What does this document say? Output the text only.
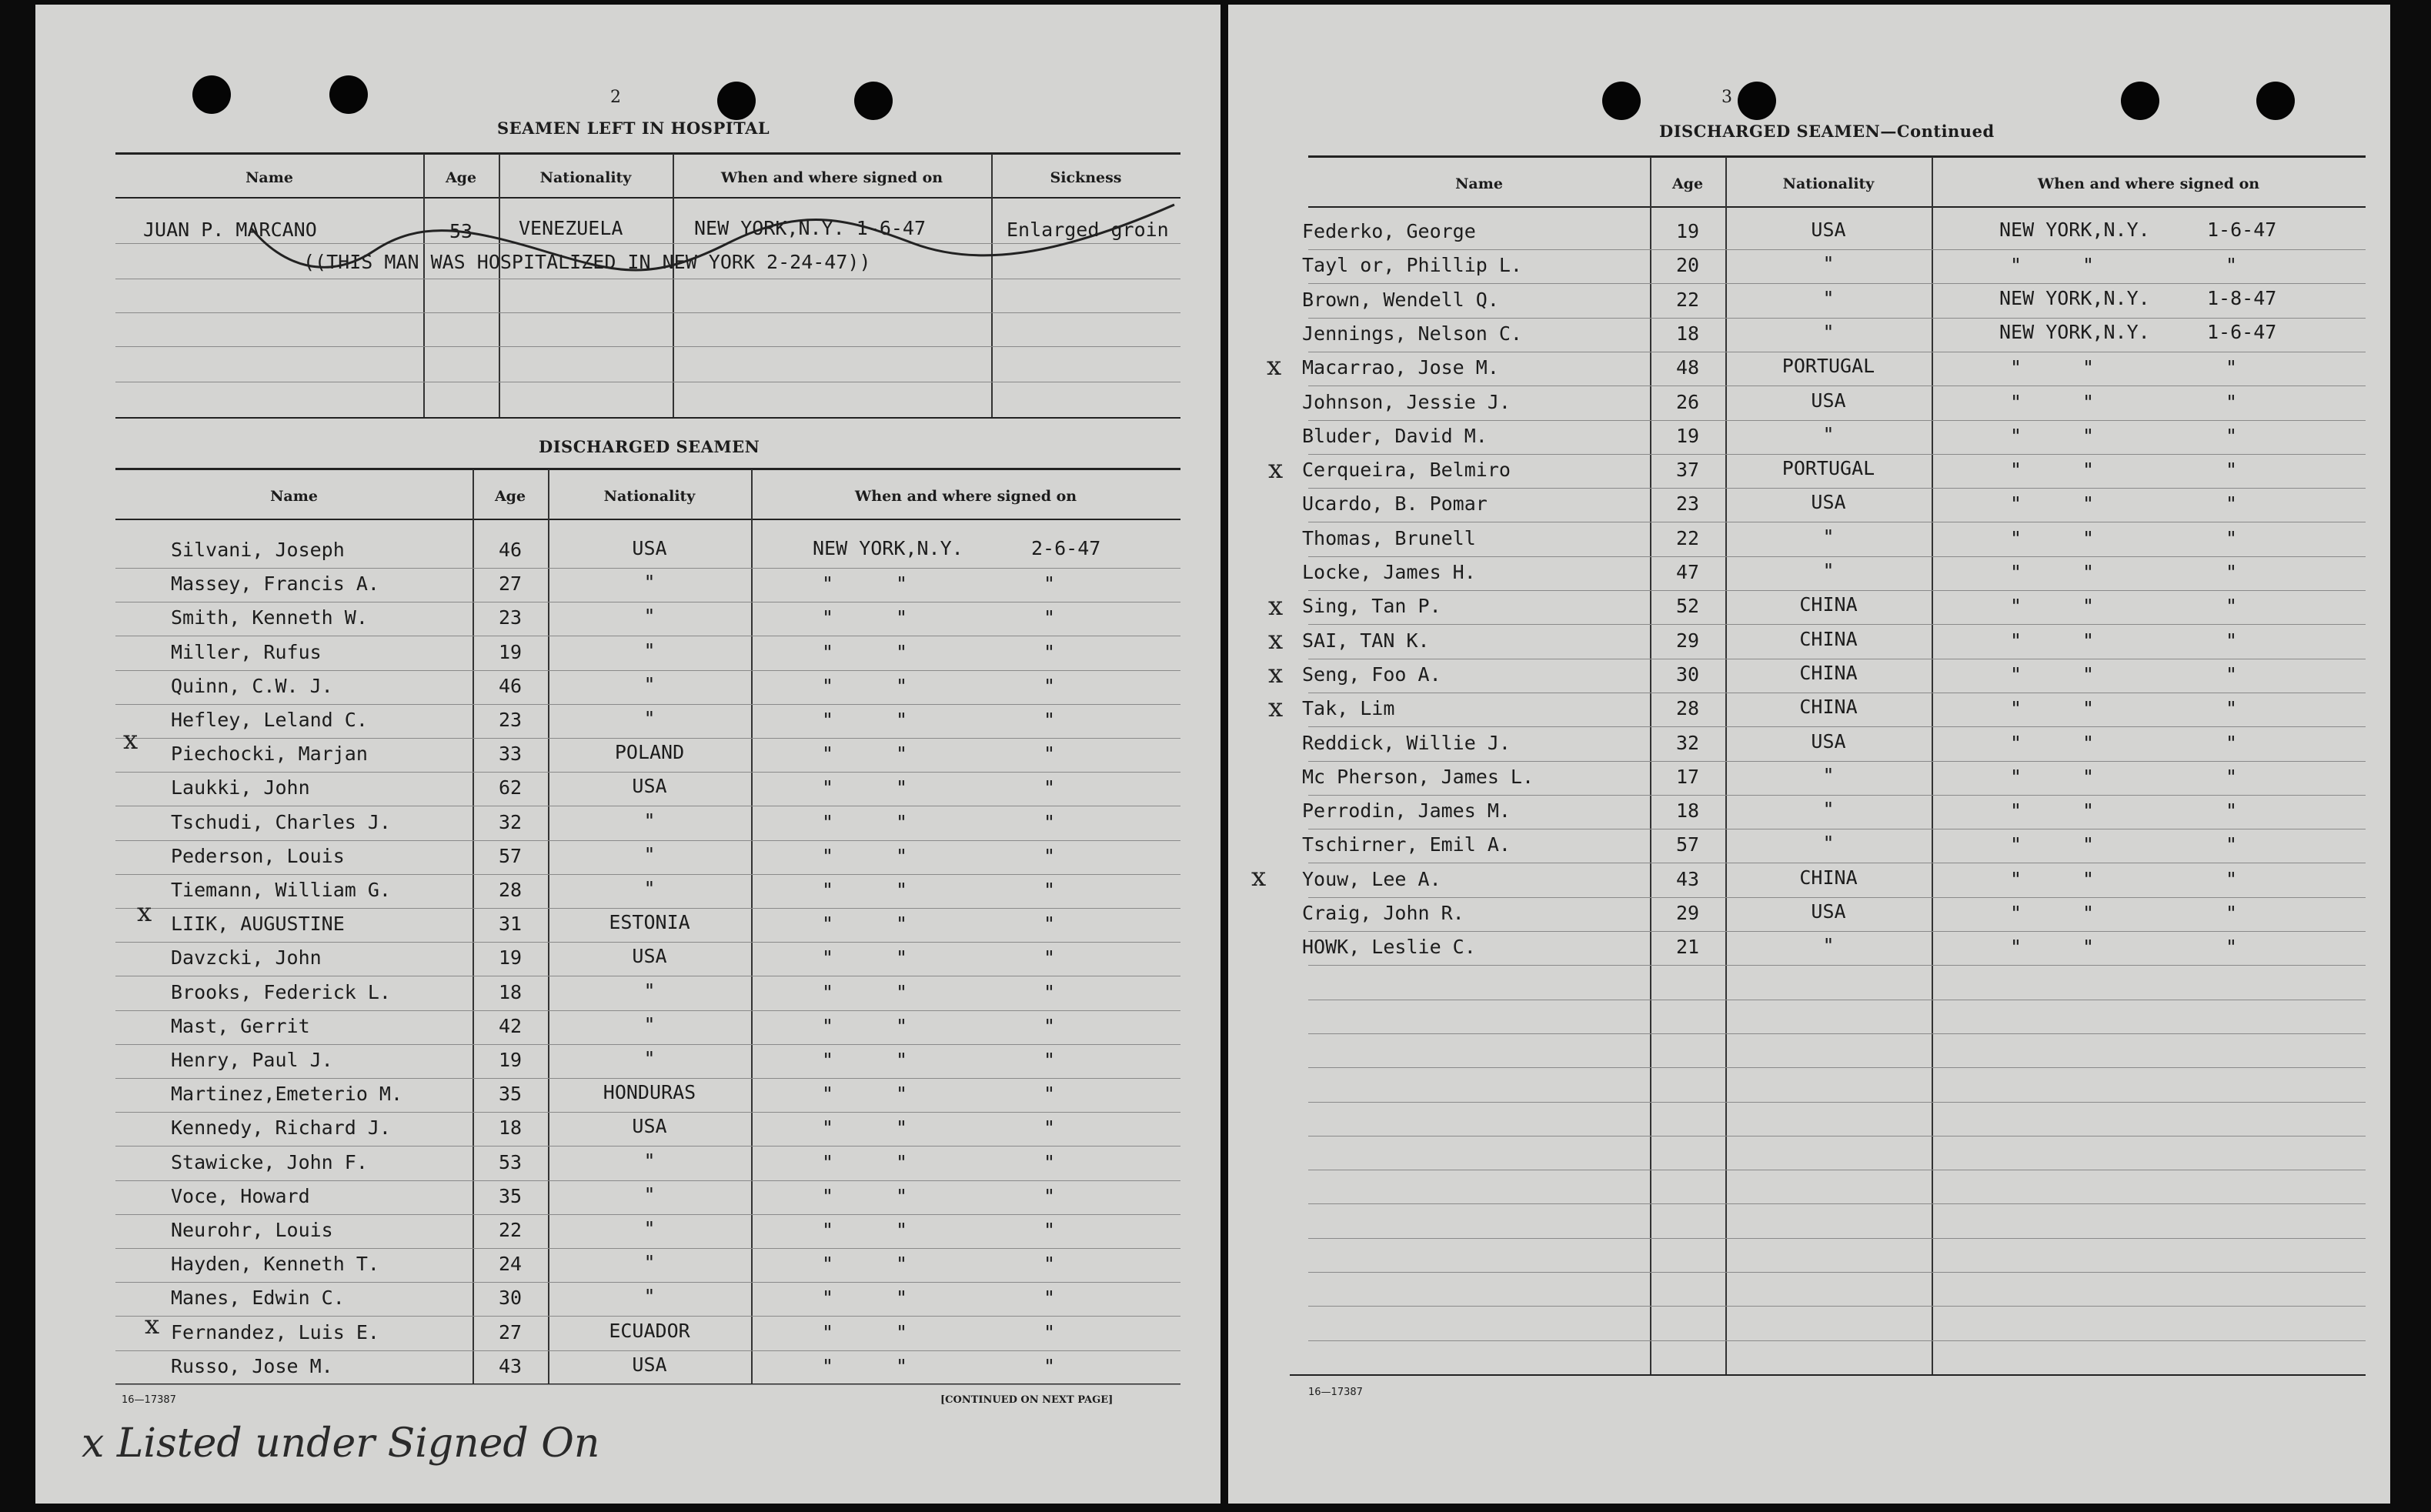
2
SEAMEN LEFT IN HOSPITAL
Name	Age	Nationality	When and where signed on	Sickness
JUAN P. MARCANO	53	VENEZUELA	NEW YORK,N.Y. 1-6-47	Enlarged groin
((THIS MAN WAS HOSPITALIZED IN NEW YORK 2-24-47))
DISCHARGED SEAMEN
Name	Age	Nationality	When and where signed on
Silvani, Joseph	46	USA	NEW YORK,N.Y.	2-6-47
Massey, Francis A.	27	"	"	"	"
Smith, Kenneth W.	23	"	"	"	"
Miller, Rufus	19	"	"	"	"
Quinn, C.W. J.	46	"	"	"	"
Hefley, Leland C.	23	"	"	"	"
Piechocki, Marjan	33	POLAND	"	"	"
Laukki, John	62	USA	"	"	"
Tschudi, Charles J.	32	"	"	"	"
Pederson, Louis	57	"	"	"	"
Tiemann, William G.	28	"	"	"	"
LIIK, AUGUSTINE	31	ESTONIA	"	"	"
Davzcki, John	19	USA	"	"	"
Brooks, Federick L.	18	"	"	"	"
Mast, Gerrit	42	"	"	"	"
Henry, Paul J.	19	"	"	"	"
Martinez,Emeterio M.	35	HONDURAS	"	"	"
Kennedy, Richard J.	18	USA	"	"	"
Stawicke, John F.	53	"	"	"	"
Voce, Howard	35	"	"	"	"
Neurohr, Louis	22	"	"	"	"
Hayden, Kenneth T.	24	"	"	"	"
Manes, Edwin C.	30	"	"	"	"
Fernandez, Luis E.	27	ECUADOR	"	"	"
Russo, Jose M.	43	USA	"	"	"
x
x
x
16—17387	[CONTINUED ON NEXT PAGE]
x Listed under Signed On
3
DISCHARGED SEAMEN—Continued
Name	Age	Nationality	When and where signed on
Federko, George	19	USA	NEW YORK,N.Y.	1-6-47
Tayl or, Phillip L.	20	"	"	"	"
Brown, Wendell Q.	22	"	NEW YORK,N.Y.	1-8-47
Jennings, Nelson C.	18	"	NEW YORK,N.Y.	1-6-47
Macarrao, Jose M.	48	PORTUGAL	"	"	"
Johnson, Jessie J.	26	USA	"	"	"
Bluder, David M.	19	"	"	"	"
Cerqueira, Belmiro	37	PORTUGAL	"	"	"
Ucardo, B. Pomar	23	USA	"	"	"
Thomas, Brunell	22	"	"	"	"
Locke, James H.	47	"	"	"	"
Sing, Tan P.	52	CHINA	"	"	"
SAI, TAN K.	29	CHINA	"	"	"
Seng, Foo A.	30	CHINA	"	"	"
Tak, Lim	28	CHINA	"	"	"
Reddick, Willie J.	32	USA	"	"	"
Mc Pherson, James L.	17	"	"	"	"
Perrodin, James M.	18	"	"	"	"
Tschirner, Emil A.	57	"	"	"	"
Youw, Lee A.	43	CHINA	"	"	"
Craig, John R.	29	USA	"	"	"
HOWK, Leslie C.	21	"	"	"	"
x
x
x
x
x
x
x
16—17387
